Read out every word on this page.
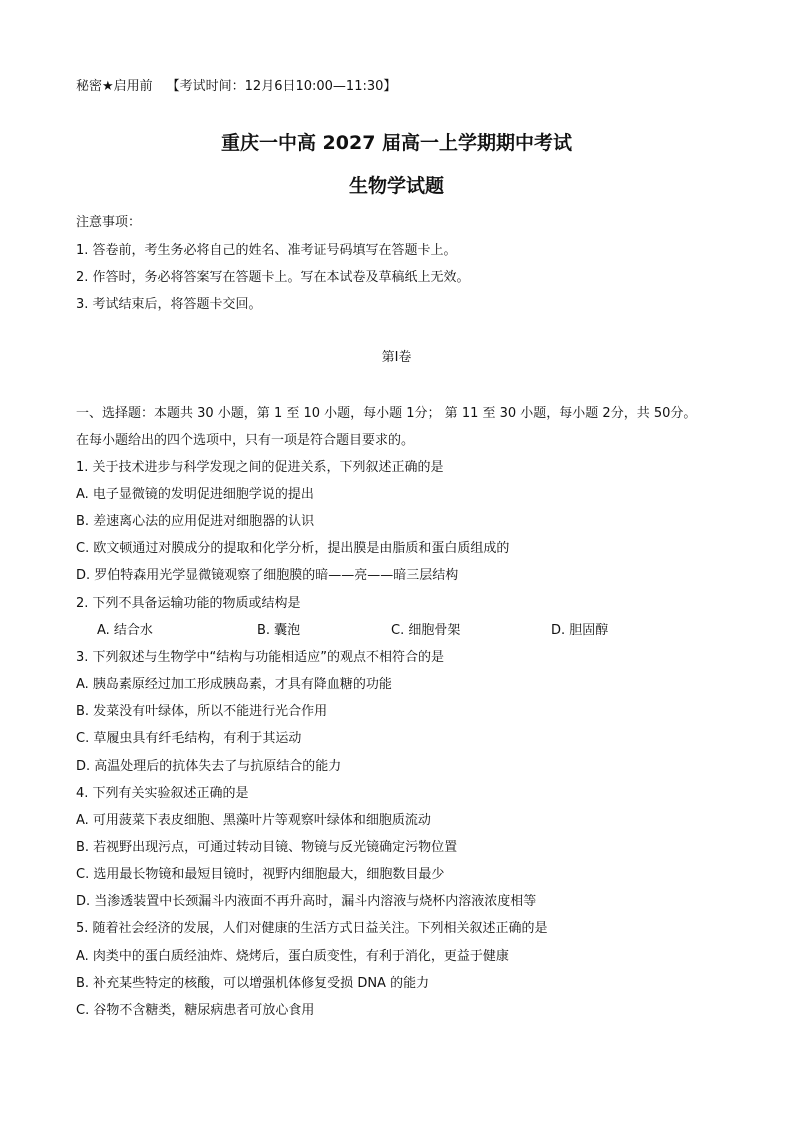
秘密★启用前 【考试时间：12月6日10:00—11:30】
重庆一中高 2027 届高一上学期期中考试
生物学试题
注意事项：
1. 答卷前，考生务必将自己的姓名、准考证号码填写在答题卡上。
2. 作答时，务必将答案写在答题卡上。写在本试卷及草稿纸上无效。
3. 考试结束后，将答题卡交回。
第Ⅰ卷
一、选择题：本题共 30 小题，第 1 至 10 小题，每小题 1分； 第 11 至 30 小题，每小题 2分，共 50分。
在每小题给出的四个选项中，只有一项是符合题目要求的。
1. 关于技术进步与科学发现之间的促进关系，下列叙述正确的是
A. 电子显微镜的发明促进细胞学说的提出
B. 差速离心法的应用促进对细胞器的认识
C. 欧文顿通过对膜成分的提取和化学分析，提出膜是由脂质和蛋白质组成的
D. 罗伯特森用光学显微镜观察了细胞膜的暗——亮——暗三层结构
2. 下列不具备运输功能的物质或结构是
A. 结合水	B. 囊泡	C. 细胞骨架	D. 胆固醇
3. 下列叙述与生物学中“结构与功能相适应”的观点不相符合的是
A. 胰岛素原经过加工形成胰岛素，才具有降血糖的功能
B. 发菜没有叶绿体，所以不能进行光合作用
C. 草履虫具有纤毛结构，有利于其运动
D. 高温处理后的抗体失去了与抗原结合的能力
4. 下列有关实验叙述正确的是
A. 可用菠菜下表皮细胞、黑藻叶片等观察叶绿体和细胞质流动
B. 若视野出现污点，可通过转动目镜、物镜与反光镜确定污物位置
C. 选用最长物镜和最短目镜时，视野内细胞最大，细胞数目最少
D. 当渗透装置中长颈漏斗内液面不再升高时，漏斗内溶液与烧杯内溶液浓度相等
5. 随着社会经济的发展，人们对健康的生活方式日益关注。下列相关叙述正确的是
A. 肉类中的蛋白质经油炸、烧烤后，蛋白质变性，有利于消化，更益于健康
B. 补充某些特定的核酸，可以增强机体修复受损 DNA 的能力
C. 谷物不含糖类，糖尿病患者可放心食用
